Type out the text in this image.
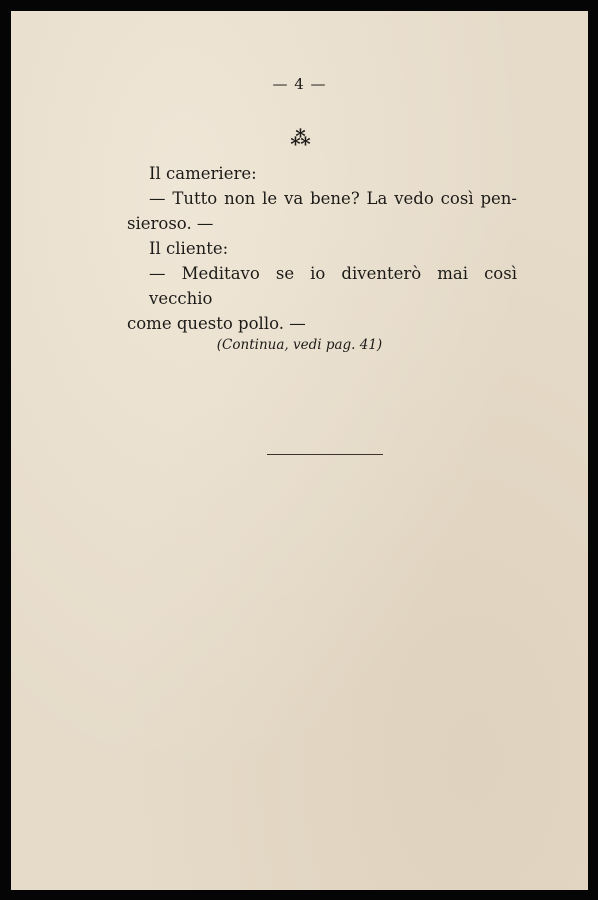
— 4 —
⁂
Il cameriere:
— Tutto non le va bene? La vedo così pen-
sieroso. —
Il cliente:
— Meditavo se io diventerò mai così vecchio
come questo pollo. —
(Continua, vedi pag. 41)
